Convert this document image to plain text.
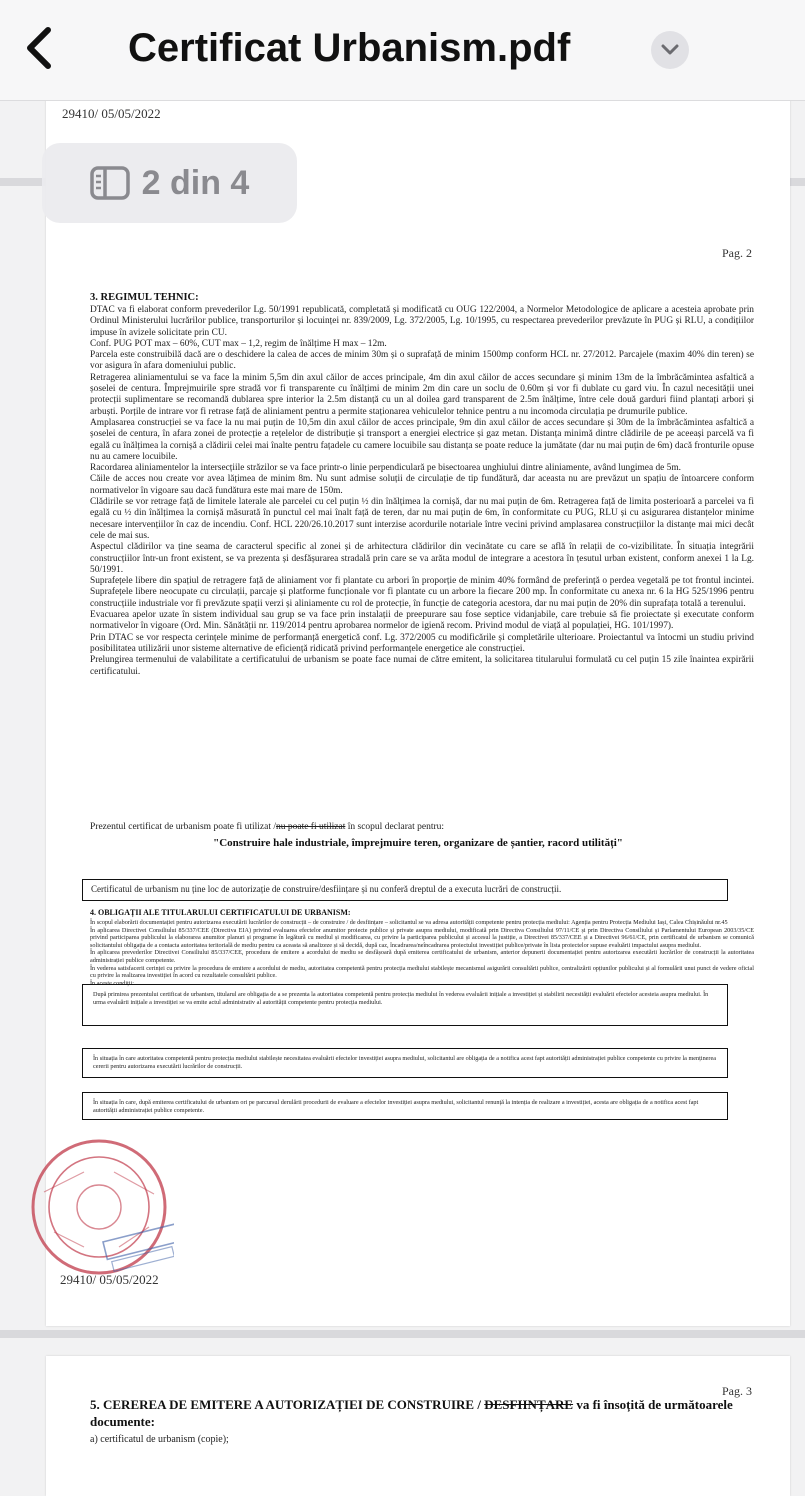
Certificat Urbanism.pdf
29410/ 05/05/2022
Pag. 2
3. REGIMUL TEHNIC:

DTAC va fi elaborat conform prevederilor Lg. 50/1991 republicată, completată și modificată cu OUG 122/2004, a Normelor Metodologice de aplicare a acesteia aprobate prin Ordinul Ministerului lucrărilor publice, transporturilor și locuinței nr. 839/2009, Lg. 372/2005, Lg. 10/1995, cu respectarea prevederilor prevăzute în PUG și RLU, a condițiilor impuse în avizele solicitate prin CU.

Conf. PUG POT max – 60%, CUT max – 1,2, regim de înălțime H max – 12m.

Parcela este construibilă dacă are o deschidere la calea de acces de minim 30m și o suprafață de minim 1500mp conform HCL nr. 27/2012. Parcajele (maxim 40% din teren) se vor asigura în afara domeniului public.

Retragerea aliniamentului se va face la minim 5,5m din axul căilor de acces principale, 4m din axul căilor de acces secundare și minim 13m de la îmbrăcămintea asfaltică a șoselei de centura. Împrejmuirile spre stradă vor fi transparente cu înălțimi de minim 2m din care un soclu de 0.60m și vor fi dublate cu gard viu. În cazul necesității unei protecții suplimentare se recomandă dublarea spre interior la 2.5m distanță cu un al doilea gard transparent de 2.5m înălțime, între cele două garduri fiind plantați arbori și arbuști. Porțile de intrare vor fi retrase față de aliniament pentru a permite staționarea vehiculelor tehnice pentru a nu incomoda circulația pe drumurile publice.

Amplasarea construcției se va face la nu mai puțin de 10,5m din axul căilor de acces principale, 9m din axul căilor de acces secundare și 30m de la îmbrăcămintea asfaltică a șoselei de centura, în afara zonei de protecție a rețelelor de distribuție și transport a energiei electrice și gaz metan. Distanța minimă dintre clădirile de pe aceeași parcelă va fi egală cu înălțimea la cornișă a clădirii celei mai înalte pentru fațadele cu camere locuibile sau distanța se poate reduce la jumătate (dar nu mai puțin de 6m) dacă fronturile opuse nu au camere locuibile.

Racordarea aliniamentelor la intersecțiile străzilor se va face printr-o linie perpendiculară pe bisectoarea unghiului dintre aliniamente, având lungimea de 5m.

Căile de acces nou create vor avea lățimea de minim 8m. Nu sunt admise soluții de circulație de tip fundătură, dar aceasta nu are prevăzut un spațiu de întoarcere conform normativelor în vigoare sau dacă fundătura este mai mare de 150m.

Clădirile se vor retrage față de limitele laterale ale parcelei cu cel puțin ½ din înălțimea la cornișă, dar nu mai puțin de 6m. Retragerea față de limita posterioară a parcelei va fi egală cu ½ din înălțimea la cornișă măsurată în punctul cel mai înalt față de teren, dar nu mai puțin de 6m, în conformitate cu PUG, RLU și cu asigurarea distanțelor minime necesare intervențiilor în caz de incendiu. Conf. HCL 220/26.10.2017 sunt interzise acordurile notariale între vecini privind amplasarea construcțiilor la distanțe mai mici decât cele de mai sus.

Aspectul clădirilor va ține seama de caracterul specific al zonei și de arhitectura clădirilor din vecinătate cu care se află în relații de co-vizibilitate. În situația integrării construcțiilor într-un front existent, se va prezenta și desfășurarea stradală prin care se va arăta modul de integrare a acestora în țesutul urban existent, conform anexei 1 la Lg. 50/1991.

Suprafețele libere din spațiul de retragere față de aliniament vor fi plantate cu arbori în proporție de minim 40% formând de preferință o perdea vegetală pe tot frontul incintei. Suprafețele libere neocupate cu circulații, parcaje și platforme funcționale vor fi plantate cu un arbore la fiecare 200 mp. În conformitate cu anexa nr. 6 la HG 525/1996 pentru construcțiile industriale vor fi prevăzute spații verzi și aliniamente cu rol de protecție, în funcție de categoria acestora, dar nu mai puțin de 20% din suprafața totală a terenului.

Evacuarea apelor uzate în sistem individual sau grup se va face prin instalații de preepurare sau fose septice vidanjabile, care trebuie să fie proiectate și executate conform normativelor în vigoare (Ord. Min. Sănătății nr. 119/2014 pentru aprobarea normelor de igienă recom. Privind modul de viață al populației, HG. 101/1997).

Prin DTAC se vor respecta cerințele minime de performanță energetică conf. Lg. 372/2005 cu modificările și completările ulterioare. Proiectantul va întocmi un studiu privind posibilitatea utilizării unor sisteme alternative de eficiență ridicată privind performanțele energetice ale construcției.

Prelungirea termenului de valabilitate a certificatului de urbanism se poate face numai de către emitent, la solicitarea titularului formulată cu cel puțin 15 zile înaintea expirării certificatului.

Prezentul certificat de urbanism poate fi utilizat /nu poate fi utilizat în scopul declarat pentru:
"Construire hale industriale, împrejmuire teren, organizare de șantier, racord utilități"
Certificatul de urbanism nu ține loc de autorizație de construire/desființare și nu conferă dreptul de a executa lucrări de construcții.
4. OBLIGAȚII ALE TITULARULUI CERTIFICATULUI DE URBANISM:

În scopul elaborării documentației pentru autorizarea executării lucrărilor de construcții – de construire / de desființare – solicitantul se va adresa autorității competente pentru protecția mediului: Agenția pentru Protecția Mediului Iași, Calea Chișinăului nr.45

În aplicarea Directivei Consiliului 85/337/CEE (Directiva EIA) privind evaluarea efectelor anumitor proiecte publice și private asupra mediului, modificată prin Directiva Consiliului 97/11/CE și prin Directiva Consiliului și Parlamentului European 2003/35/CE privind participarea publicului la elaborarea anumitor planuri și programe în legătură cu mediul și modificarea, cu privire la participarea publicului și accesul la justiție, a Directivei 85/337/CEE și a Directivei 96/61/CE, prin certificatul de urbanism se comunică solicitantului obligația de a contacta autoritatea teritorială de mediu pentru ca aceasta să analizeze și să decidă, după caz, încadrarea/neîncadrarea proiectului investiției publice/private în lista proiectelor supuse evaluării impactului asupra mediului.

În aplicarea prevederilor Directivei Consiliului 85/337/CEE, procedura de emitere a acordului de mediu se desfășoară după emiterea certificatului de urbanism, anterior depunerii documentației pentru autorizarea executării lucrărilor de construcții la autoritatea administrației publice competente.

În vederea satisfacerii cerinței cu privire la procedura de emitere a acordului de mediu, autoritatea competentă pentru protecția mediului stabilește mecanismul asigurării consultării publice, centralizării opțiunilor publicului și al formulării unui punct de vedere oficial cu privire la realizarea investiției în acord cu rezultatele consultării publice.

În aceste condiții:

După primirea prezentului certificat de urbanism, titularul are obligația de a se prezenta la autoritatea competentă pentru protecția mediului în vederea evaluării inițiale a investiției și stabilirii necesității evaluării efectelor acesteia asupra mediului. În urma evaluării inițiale a investiției se va emite actul administrativ al autorității competente pentru protecția mediului.
În situația în care autoritatea competentă pentru protecția mediului stabilește necesitatea evaluării efectelor investiției asupra mediului, solicitantul are obligația de a notifica acest fapt autorității administrației publice competente cu privire la menținerea cererii pentru autorizarea executării lucrărilor de construcții.
În situația în care, după emiterea certificatului de urbanism ori pe parcursul derulării procedurii de evaluare a efectelor investiției asupra mediului, solicitantul renunță la intenția de realizare a investiției, acesta are obligația de a notifica acest fapt autorității administrației publice competente.
29410/ 05/05/2022
2 din 4
Pag. 3
5. CEREREA DE EMITERE A AUTORIZAȚIEI DE CONSTRUIRE / DESFIINȚARE va fi însoțită de următoarele documente:
a) certificatul de urbanism (copie);
